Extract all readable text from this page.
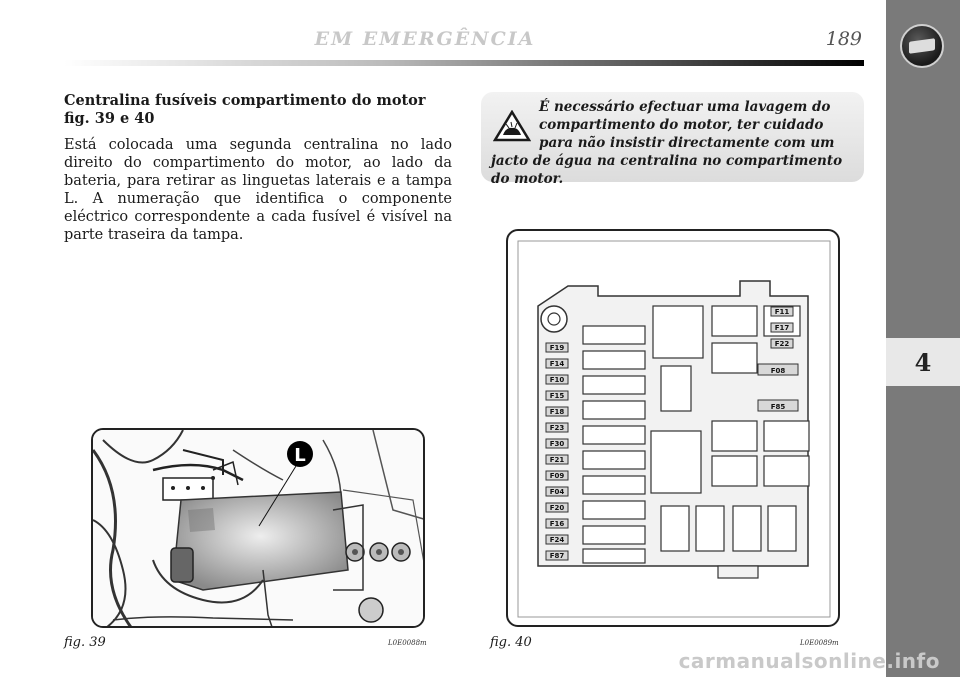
EM EMERGÊNCIA	189
4
Centralina fusíveis compartimento do motor fig. 39 e 40
Está colocada uma segunda centralina no lado direito do compartimento do motor, ao lado da bateria, para retirar as linguetas laterais e a tampa L. A numeração que identifica o componente eléctrico correspondente a cada fusível é visível na parte traseira da tampa.
É necessário efectuar uma lavagem do compartimento do motor, ter cuidado para não insistir directamente com um jacto de água na centralina no compartimento do motor.
L
fig. 39	L0E0088m
F19
F14
F10
F15
F18
F23
F30
F21
F09
F04
F20
F16
F24
F87
F11
F17
F22
F08
F85
fig. 40	L0E0089m
carmanualsonline.info
